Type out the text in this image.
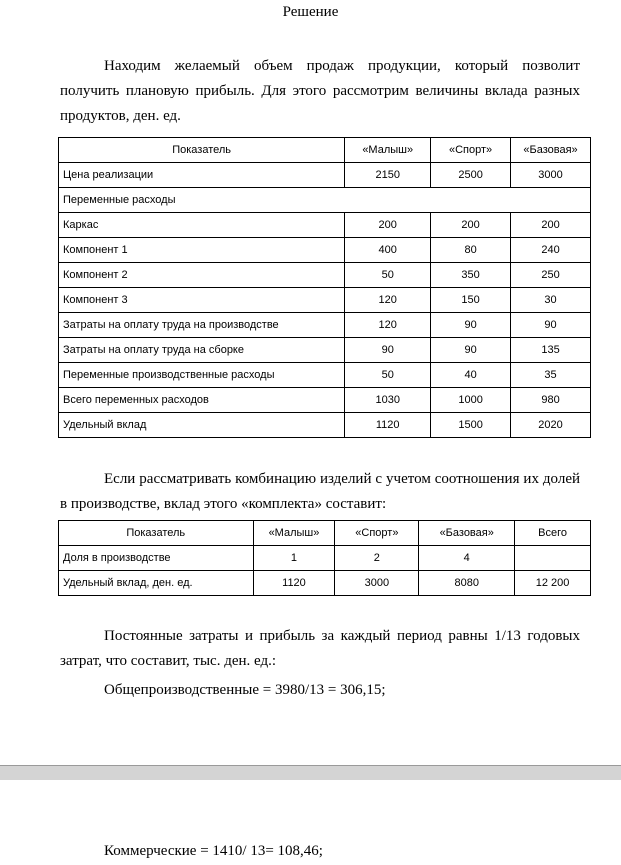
Решение

Находим желаемый объем продаж продукции, который позволит получить плановую прибыль. Для этого рассмотрим величины вклада разных продуктов, ден. ед.

Показатель	«Малыш»	«Спорт»	«Базовая»
Цена реализации	2150	2500	3000
Переменные расходы			
Каркас	200	200	200
Компонент 1	400	80	240
Компонент 2	50	350	250
Компонент 3	120	150	30
Затраты на оплату труда на производстве	120	90	90
Затраты на оплату труда на сборке	90	90	135
Переменные производственные расходы	50	40	35
Всего переменных расходов	1030	1000	980
Удельный вклад	1120	1500	2020

Если рассматривать комбинацию изделий с учетом соотношения их долей в производстве, вклад этого «комплекта» составит:

Показатель	«Малыш»	«Спорт»	«Базовая»	Всего
Доля в производстве	1	2	4	
Удельный вклад, ден. ед.	1120	3000	8080	12 200

Постоянные затраты и прибыль за каждый период равны 1/13 годовых затрат, что составит, тыс. ден. ед.:

Общепроизводственные = 3980/13 = 306,15;
Коммерческие = 1410/ 13= 108,46;
